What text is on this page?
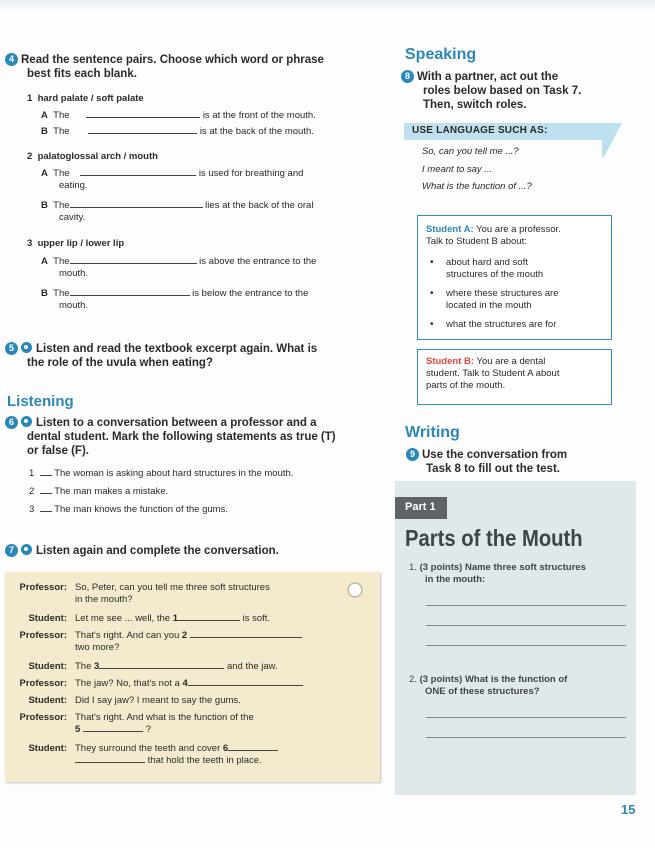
4 Read the sentence pairs. Choose which word or phrase
best fits each blank.
1 hard palate / soft palate
A The	is at the front of the mouth.
B The	is at the back of the mouth.
2 palatoglossal arch / mouth
A The	is used for breathing and
eating.
B The	lies at the back of the oral
cavity.
3 upper lip / lower lip
A The	is above the entrance to the
mouth.
B The	is below the entrance to the
mouth.
5 Listen and read the textbook excerpt again. What is
the role of the uvula when eating?
Listening
6 Listen to a conversation between a professor and a
dental student. Mark the following statements as true (T)
or false (F).
1 The woman is asking about hard structures in the mouth.
2 The man makes a mistake.
3 The man knows the function of the gums.
7 Listen again and complete the conversation.
Professor: So, Peter, can you tell me three soft structures
in the mouth?
Student: Let me see ... well, the 1	is soft.
Professor: That's right. And can you 2
two more?
Student: The 3	and the jaw.
Professor: The jaw? No, that's not a 4
Student: Did I say jaw? I meant to say the gums.
Professor: That's right. And what is the function of the
5	?
Student: They surround the teeth and cover 6
that hold the teeth in place.
Speaking
8 With a partner, act out the
roles below based on Task 7.
Then, switch roles.
USE LANGUAGE SUCH AS:
So, can you tell me ...?
I meant to say ...
What is the function of ...?
Student A: You are a professor.
Talk to Student B about:
•	about hard and soft
structures of the mouth
•	where these structures are
located in the mouth
•	what the structures are for
Student B: You are a dental
student. Talk to Student A about
parts of the mouth.
Writing
9 Use the conversation from
Task 8 to fill out the test.
Part 1
Parts of the Mouth
1. (3 points) Name three soft structures
in the mouth:
2. (3 points) What is the function of
ONE of these structures?
15
